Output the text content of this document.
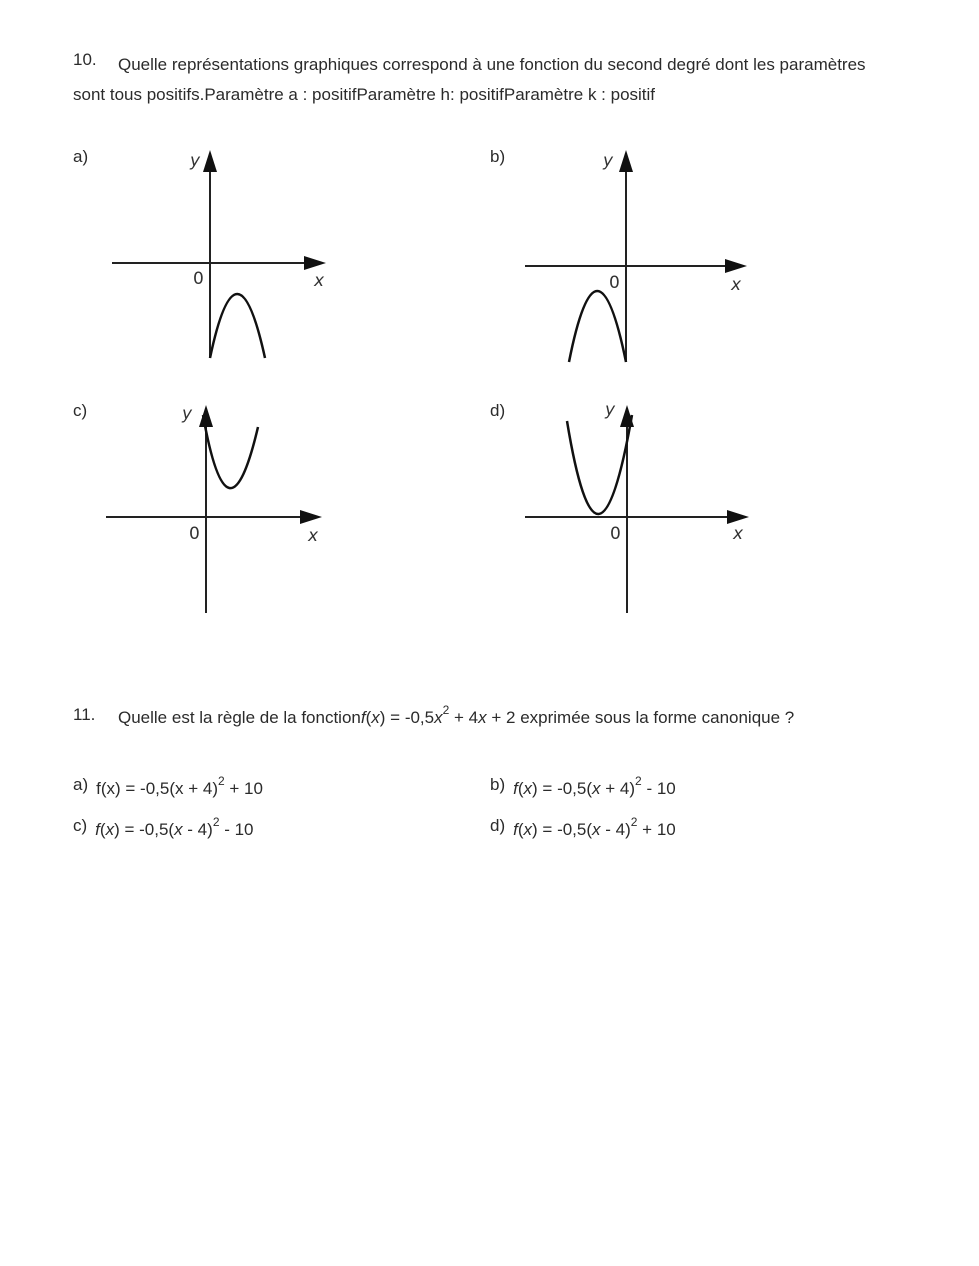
10.	Quelle représentations graphiques correspond à une fonction du second degré dont les paramètres sont tous positifs.Paramètre a : positifParamètre h: positifParamètre k : positif
a)	y
0	x
b)	y
0	x
c)	y
0	x
d)	y
0	x
11. Quelle est la règle de la fonctionf(x) = $-0,5x^2 + 4x + 2$ exprimée sous la forme canonique ?
a) $f(x) = -0,5(x + 4)^2 + 10$	b) $f(x) = -0,5(x + 4)^2 - 10$
c) f(x) = -0,5(x - 4)$^2$ - 10	d) f(x) = -0,5(x - 4)$^2$ + 10
